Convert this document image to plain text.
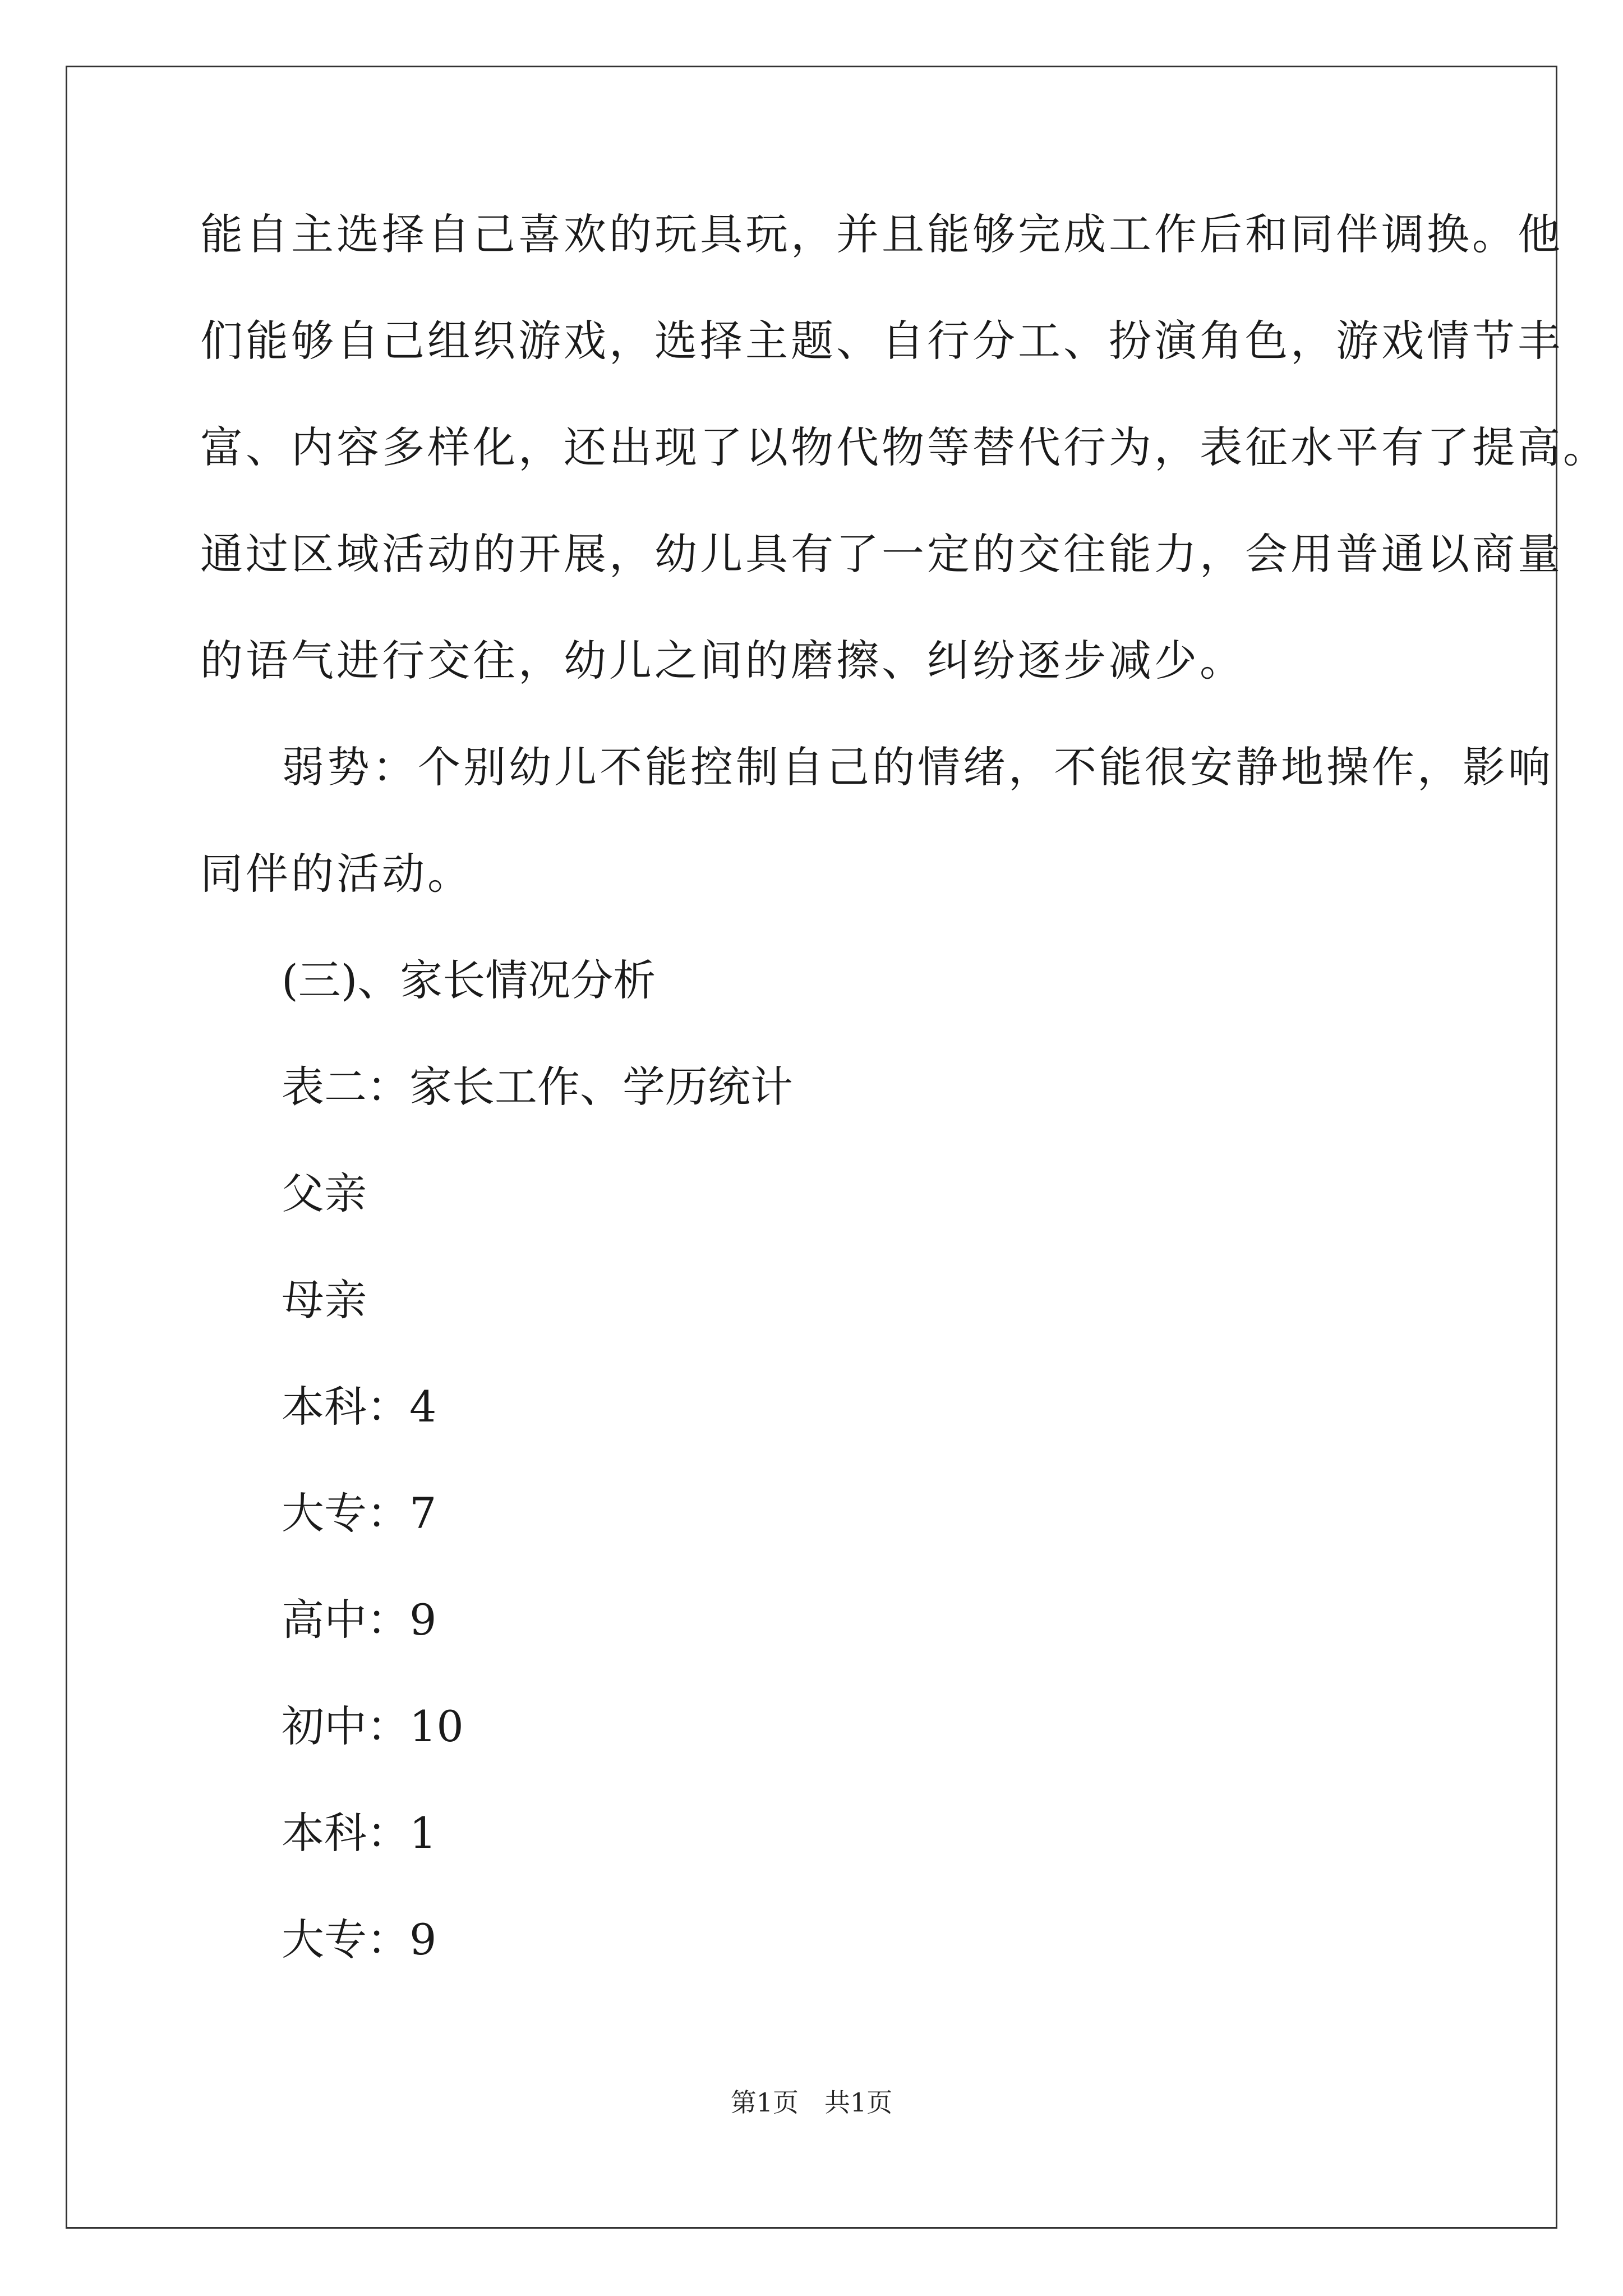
能自主选择自己喜欢的玩具玩，并且能够完成工作后和同伴调换。他
们能够自己组织游戏，选择主题、自行分工、扮演角色，游戏情节丰
富、内容多样化，还出现了以物代物等替代行为，表征水平有了提高。
通过区域活动的开展，幼儿具有了一定的交往能力，会用普通以商量
的语气进行交往，幼儿之间的磨擦、纠纷逐步减少。
弱势：个别幼儿不能控制自己的情绪，不能很安静地操作，影响
同伴的活动。
(三)、家长情况分析
表二：家长工作、学历统计
父亲
母亲
本科：4
大专：7
高中：9
初中：10
本科：1
大专：9
第1页　共1页
